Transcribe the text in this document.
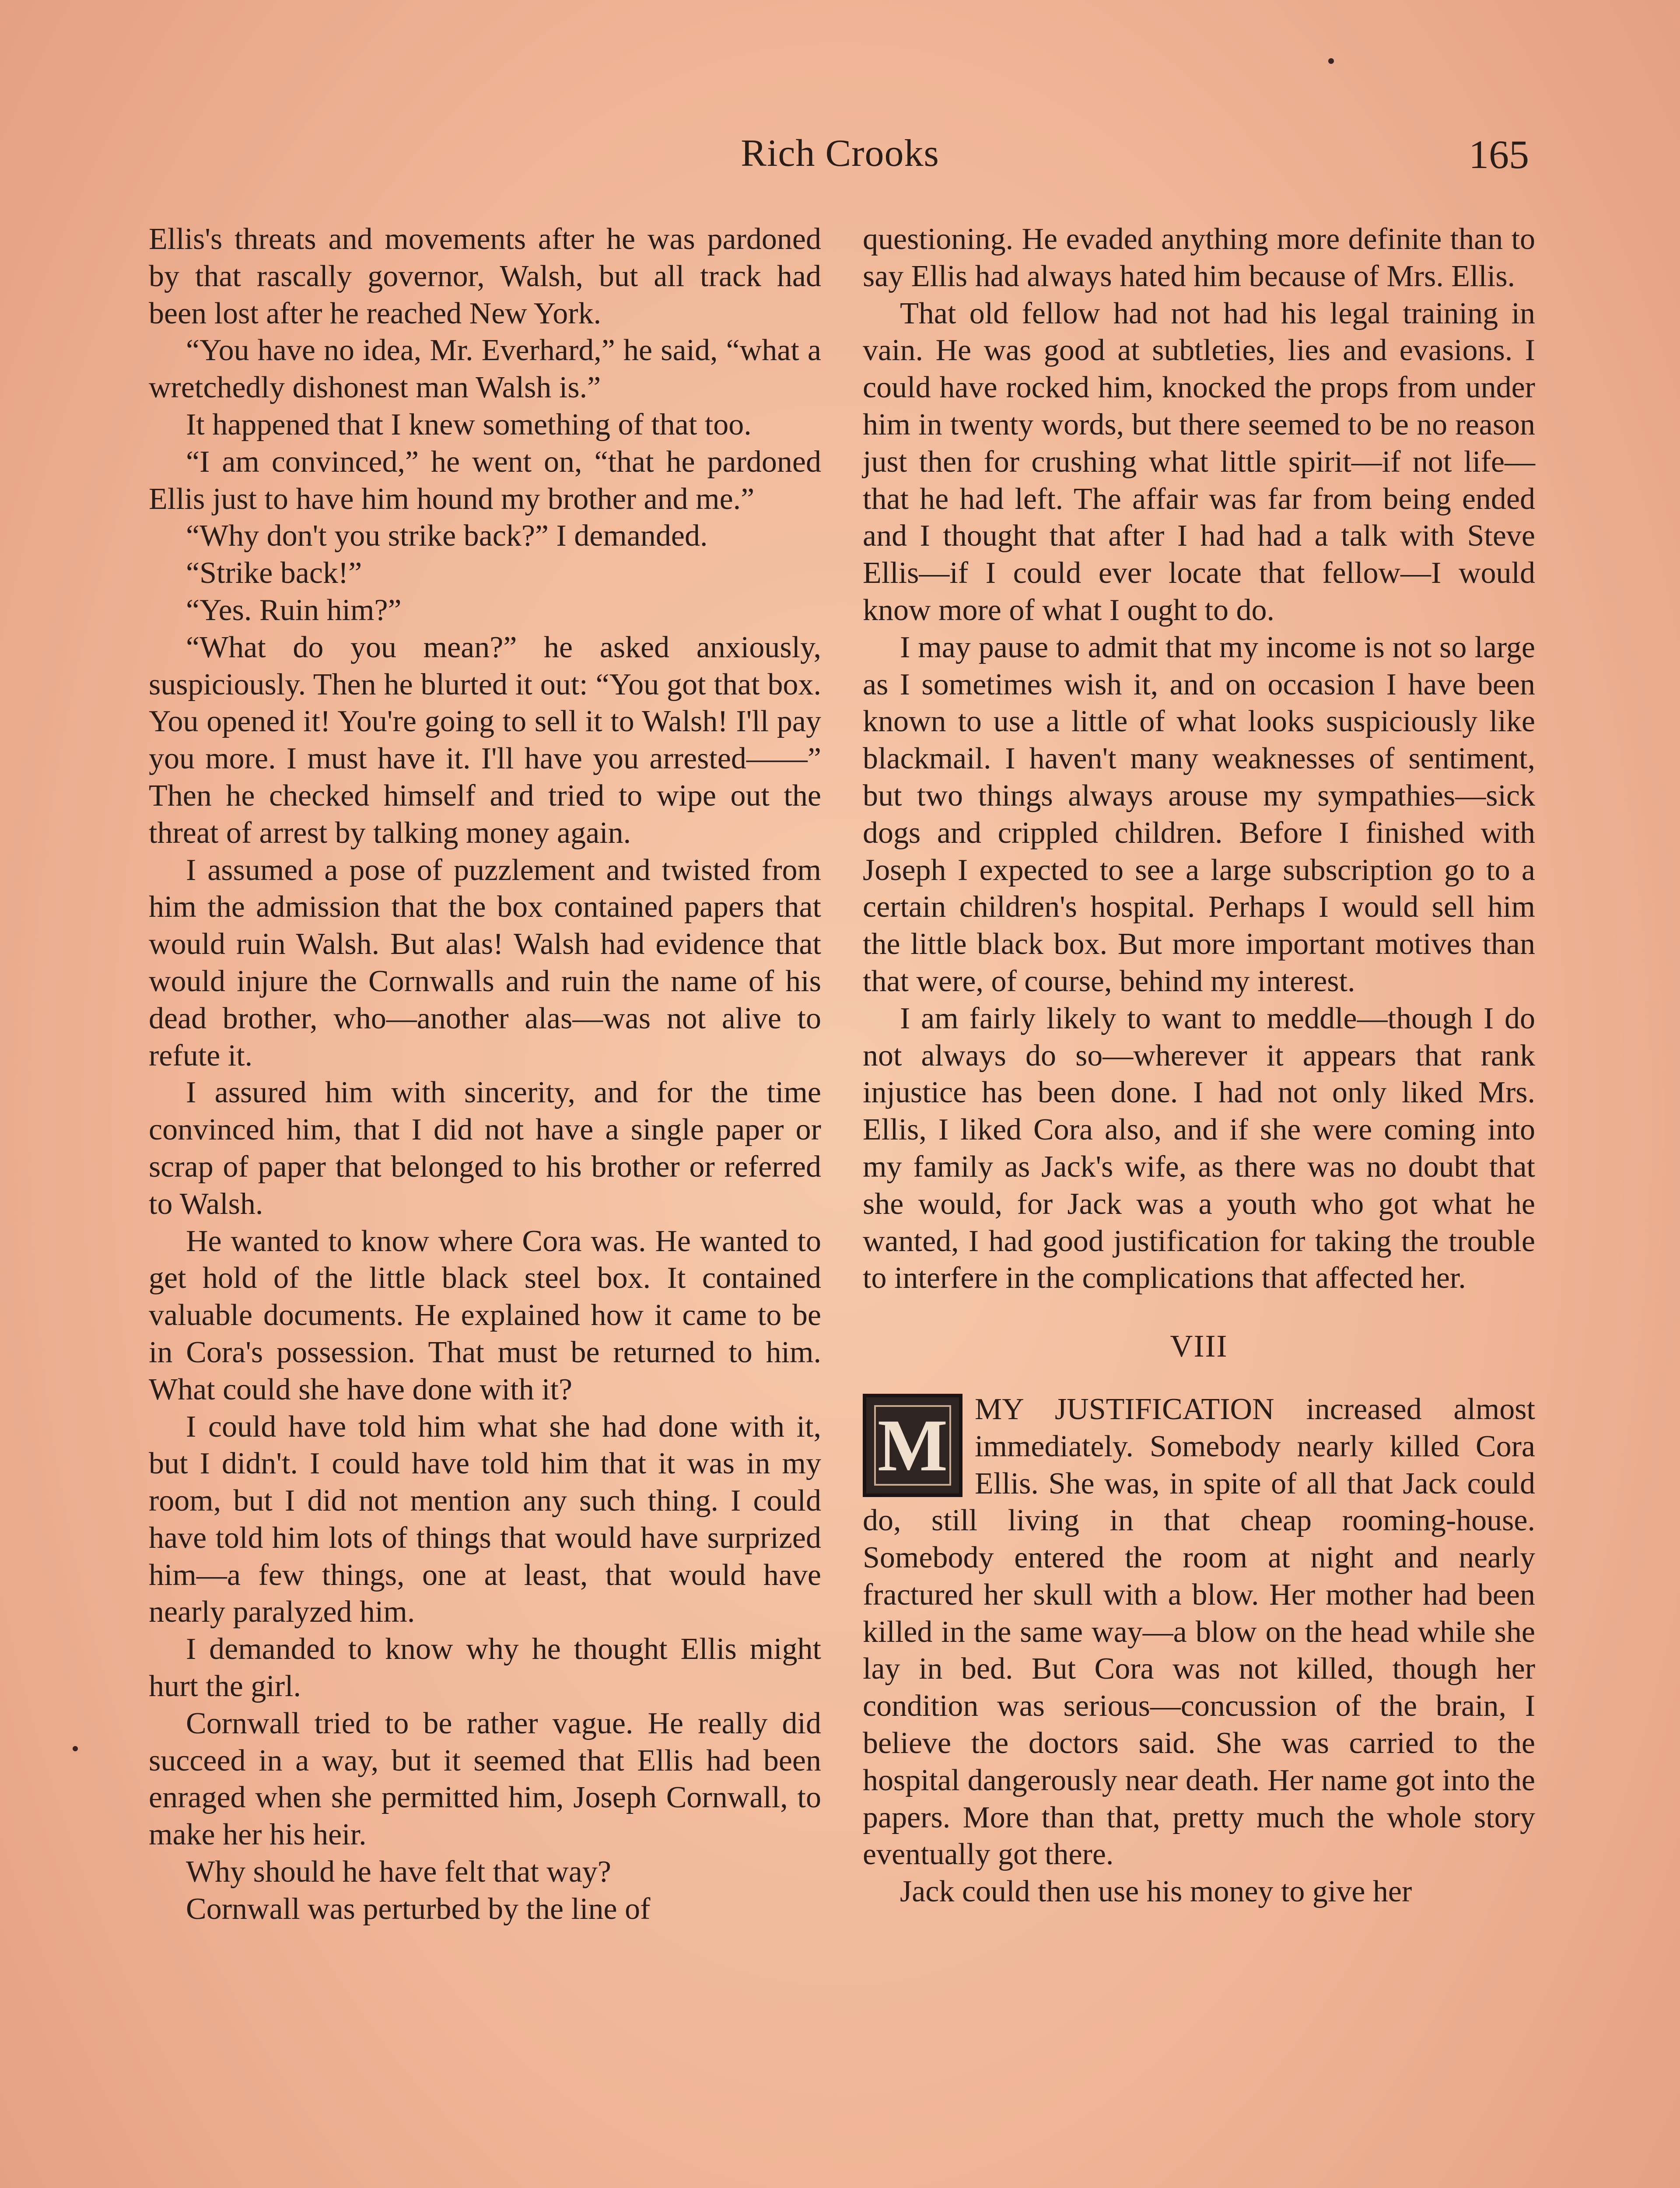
Rich Crooks	165

Ellis's threats and movements after he was pardoned by that rascally governor, Walsh, but all track had been lost after he reached New York.

“You have no idea, Mr. Everhard,” he said, “what a wretchedly dishonest man Walsh is.”

It happened that I knew something of that too.

“I am convinced,” he went on, “that he pardoned Ellis just to have him hound my brother and me.”

“Why don't you strike back?” I demanded.

“Strike back!”

“Yes. Ruin him?”

“What do you mean?” he asked anxiously, suspiciously. Then he blurted it out: “You got that box. You opened it! You're going to sell it to Walsh! I'll pay you more. I must have it. I'll have you arrested——” Then he checked himself and tried to wipe out the threat of arrest by talking money again.

I assumed a pose of puzzlement and twisted from him the admission that the box contained papers that would ruin Walsh. But alas! Walsh had evidence that would injure the Cornwalls and ruin the name of his dead brother, who—another alas—was not alive to refute it.

I assured him with sincerity, and for the time convinced him, that I did not have a single paper or scrap of paper that belonged to his brother or referred to Walsh.

He wanted to know where Cora was. He wanted to get hold of the little black steel box. It contained valuable documents. He explained how it came to be in Cora's possession. That must be returned to him. What could she have done with it?

I could have told him what she had done with it, but I didn't. I could have told him that it was in my room, but I did not mention any such thing. I could have told him lots of things that would have surprized him—a few things, one at least, that would have nearly paralyzed him.

I demanded to know why he thought Ellis might hurt the girl.

Cornwall tried to be rather vague. He really did succeed in a way, but it seemed that Ellis had been enraged when she permitted him, Joseph Cornwall, to make her his heir.

Why should he have felt that way?

Cornwall was perturbed by the line of

questioning. He evaded anything more definite than to say Ellis had always hated him because of Mrs. Ellis.

That old fellow had not had his legal training in vain. He was good at subtleties, lies and evasions. I could have rocked him, knocked the props from under him in twenty words, but there seemed to be no reason just then for crushing what little spirit—if not life—that he had left. The affair was far from being ended and I thought that after I had had a talk with Steve Ellis—if I could ever locate that fellow—I would know more of what I ought to do.

I may pause to admit that my income is not so large as I sometimes wish it, and on occasion I have been known to use a little of what looks suspiciously like blackmail. I haven't many weaknesses of sentiment, but two things always arouse my sympathies—sick dogs and crippled children. Before I finished with Joseph I expected to see a large subscription go to a certain children's hospital. Perhaps I would sell him the little black box. But more important motives than that were, of course, behind my interest.

I am fairly likely to want to meddle—though I do not always do so—wherever it appears that rank injustice has been done. I had not only liked Mrs. Ellis, I liked Cora also, and if she were coming into my family as Jack's wife, as there was no doubt that she would, for Jack was a youth who got what he wanted, I had good justification for taking the trouble to interfere in the complications that affected her.

VIII

M MY JUSTIFICATION increased almost immediately. Somebody nearly killed Cora Ellis. She was, in spite of all that Jack could do, still living in that cheap rooming-house. Somebody entered the room at night and nearly fractured her skull with a blow. Her mother had been killed in the same way—a blow on the head while she lay in bed. But Cora was not killed, though her condition was serious—concussion of the brain, I believe the doctors said. She was carried to the hospital dangerously near death. Her name got into the papers. More than that, pretty much the whole story eventually got there.

Jack could then use his money to give her
